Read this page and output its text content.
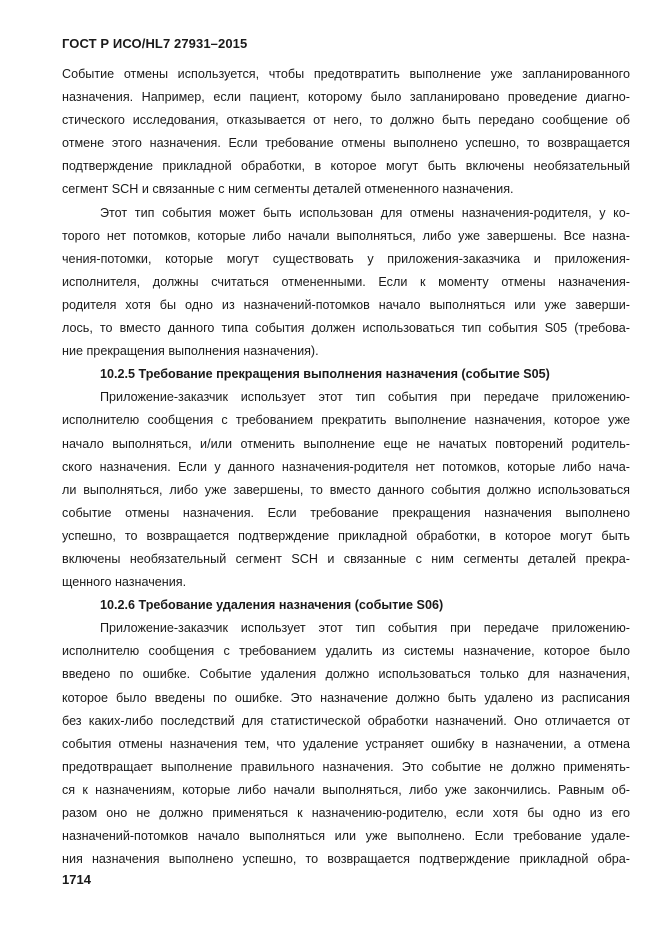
ГОСТ Р ИСО/HL7 27931–2015
Событие отмены используется, чтобы предотвратить выполнение уже запланированного
назначения. Например, если пациент, которому было запланировано проведение диагно-
стического исследования, отказывается от него, то должно быть передано сообщение об
отмене этого назначения. Если требование отмены выполнено успешно, то возвращается
подтверждение прикладной обработки, в которое могут быть включены необязательный
сегмент SCH и связанные с ним сегменты деталей отмененного назначения.
Этот тип события может быть использован для отмены назначения-родителя, у ко-
торого нет потомков, которые либо начали выполняться, либо уже завершены. Все назна-
чения-потомки, которые могут существовать у приложения-заказчика и приложения-
исполнителя, должны считаться отмененными. Если к моменту отмены назначения-
родителя хотя бы одно из назначений-потомков начало выполняться или уже заверши-
лось, то вместо данного типа события должен использоваться тип события S05 (требова-
ние прекращения выполнения назначения).
10.2.5 Требование прекращения выполнения назначения (событие S05)
Приложение-заказчик использует этот тип события при передаче приложению-
исполнителю сообщения с требованием прекратить выполнение назначения, которое уже
начало выполняться, и/или отменить выполнение еще не начатых повторений родитель-
ского назначения. Если у данного назначения-родителя нет потомков, которые либо нача-
ли выполняться, либо уже завершены, то вместо данного события должно использоваться
событие отмены назначения. Если требование прекращения назначения выполнено
успешно, то возвращается подтверждение прикладной обработки, в которое могут быть
включены необязательный сегмент SCH и связанные с ним сегменты деталей прекра-
щенного назначения.
10.2.6 Требование удаления назначения (событие S06)
Приложение-заказчик использует этот тип события при передаче приложению-
исполнителю сообщения с требованием удалить из системы назначение, которое было
введено по ошибке. Событие удаления должно использоваться только для назначения,
которое было введены по ошибке. Это назначение должно быть удалено из расписания
без каких-либо последствий для статистической обработки назначений. Оно отличается от
события отмены назначения тем, что удаление устраняет ошибку в назначении, а отмена
предотвращает выполнение правильного назначения. Это событие не должно применять-
ся к назначениям, которые либо начали выполняться, либо уже закончились. Равным об-
разом оно не должно применяться к назначению-родителю, если хотя бы одно из его
назначений-потомков начало выполняться или уже выполнено. Если требование удале-
ния назначения выполнено успешно, то возвращается подтверждение прикладной обра-
1714
